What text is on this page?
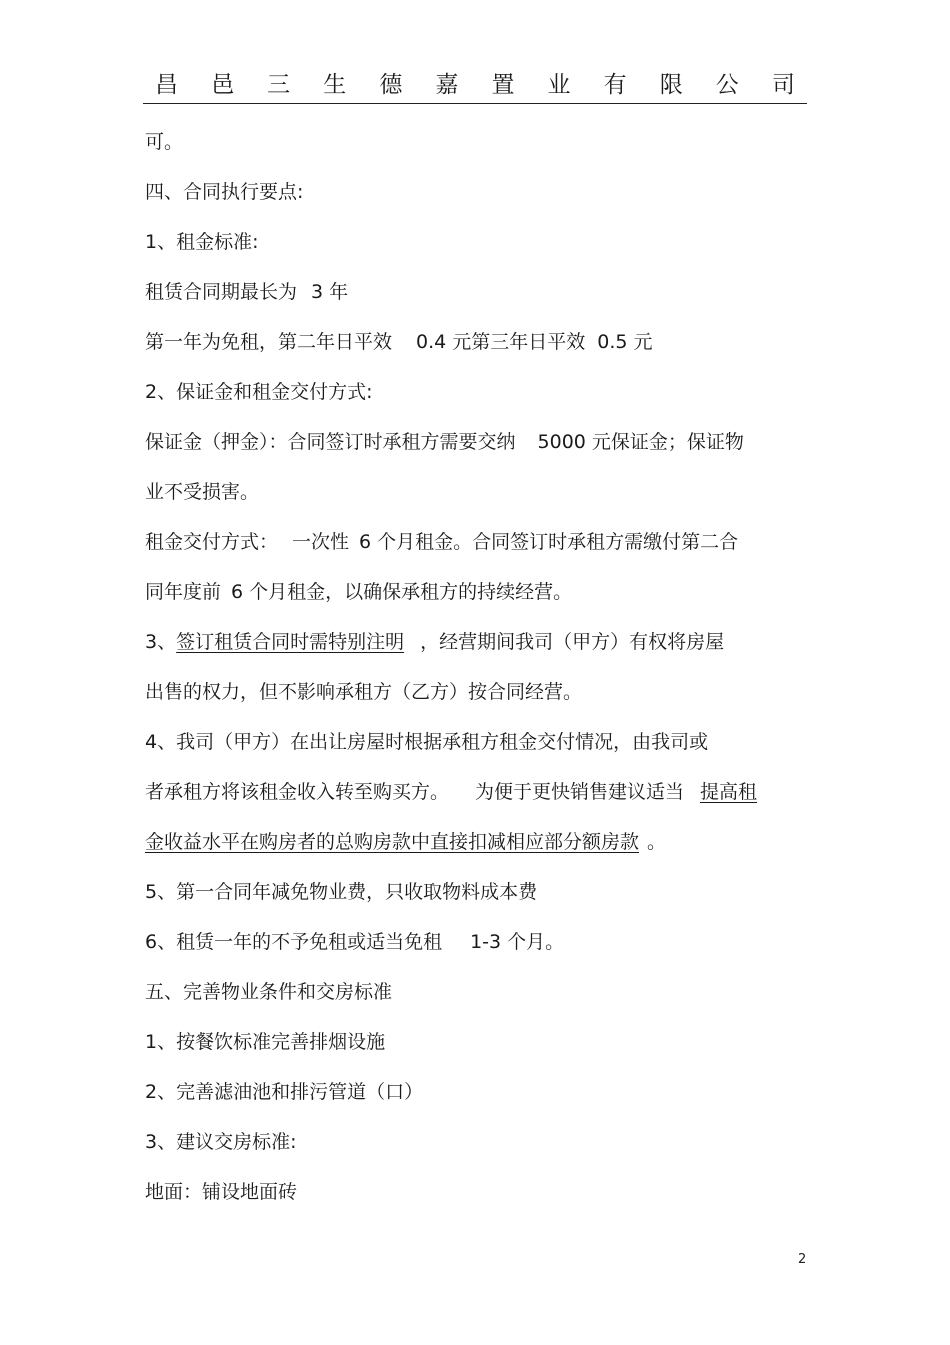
昌 邑 三 生 德 嘉 置 业 有 限 公 司
可。
四、合同执行要点:
1、租金标准:
租赁合同期最长为 3 年
第一年为免租，第二年日平效 0.4 元第三年日平效 0.5 元
2、保证金和租金交付方式:
保证金（押金）：合同签订时承租方需要交纳 5000 元保证金；保证物
业不受损害。
租金交付方式： 一次性 6 个月租金。合同签订时承租方需缴付第二合
同年度前 6 个月租金，以确保承租方的持续经营。
3、签订租赁合同时需特别注明 ，经营期间我司（甲方）有权将房屋
出售的权力，但不影响承租方（乙方）按合同经营。
4、我司（甲方）在出让房屋时根据承租方租金交付情况，由我司或
者承租方将该租金收入转至购买方。 为便于更快销售建议适当 提高租
金收益水平在购房者的总购房款中直接扣减相应部分额房款 。
5、第一合同年减免物业费，只收取物料成本费
6、租赁一年的不予免租或适当免租 1-3 个月。
五、完善物业条件和交房标准
1、按餐饮标准完善排烟设施
2、完善滤油池和排污管道（口）
3、建议交房标准:
地面：铺设地面砖
2
